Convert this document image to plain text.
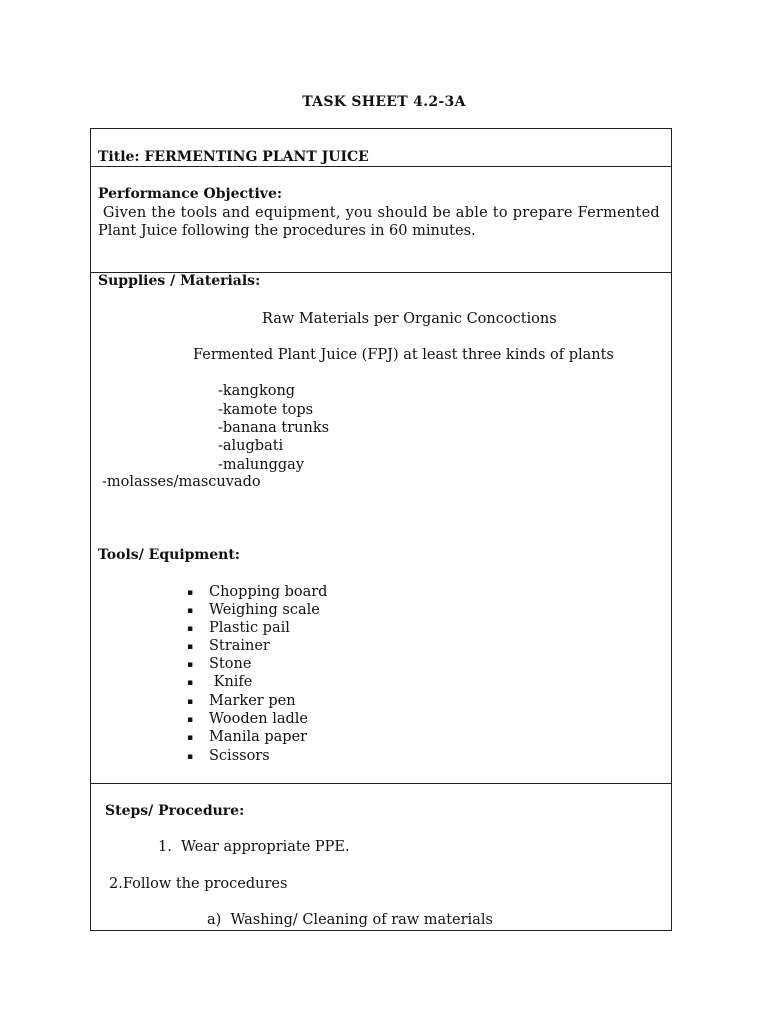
TASK SHEET 4.2-3A
Title: FERMENTING PLANT JUICE
Performance Objective:
Given the tools and equipment, you should be able to prepare Fermented
Plant Juice following the procedures in 60 minutes.
Supplies / Materials:
Raw Materials per Organic Concoctions
Fermented Plant Juice (FPJ) at least three kinds of plants
-kangkong
-kamote tops
-banana trunks
-alugbati
-malunggay
-molasses/mascuvado
Tools/ Equipment:
▪ Chopping board
▪ Weighing scale
▪ Plastic pail
▪ Strainer
▪ Stone
▪ Knife
▪ Marker pen
▪ Wooden ladle
▪ Manila paper
▪ Scissors
Steps/ Procedure:
1.  Wear appropriate PPE.
2.Follow the procedures
a)  Washing/ Cleaning of raw materials
